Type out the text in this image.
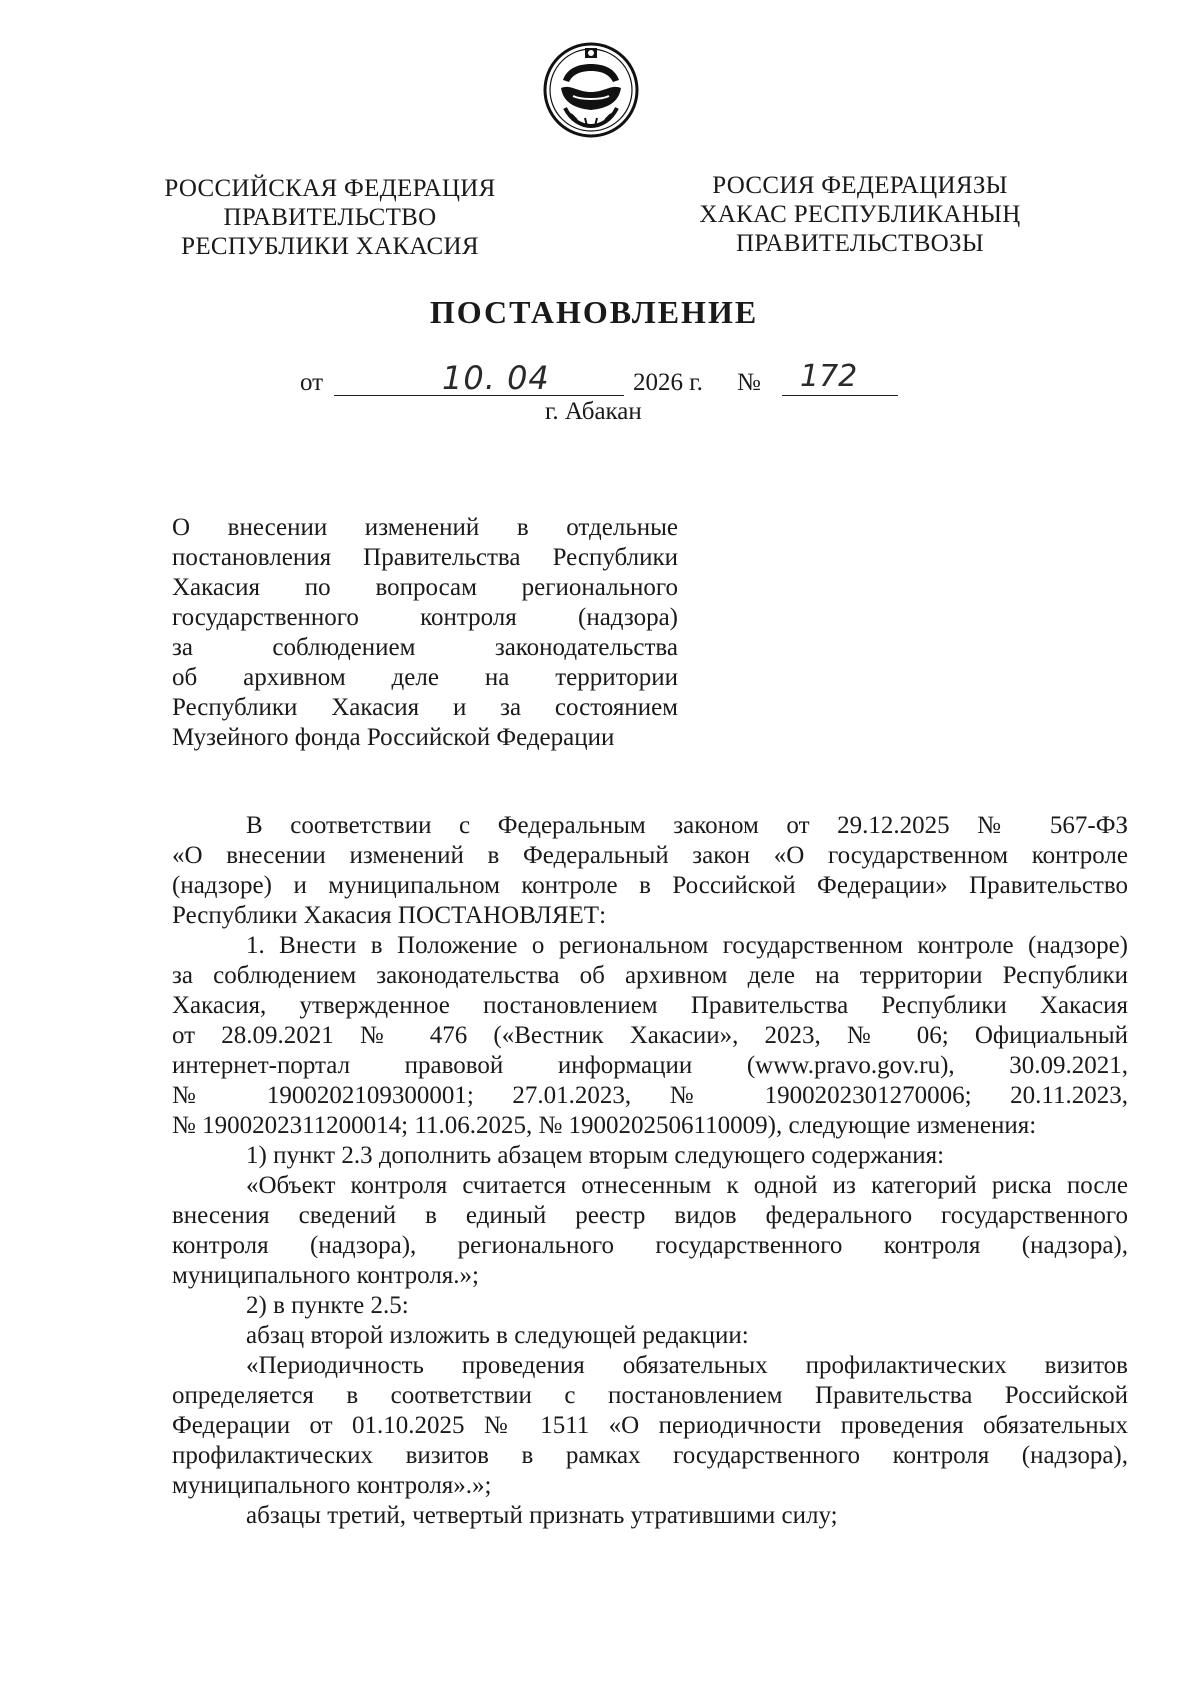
РОССИЙСКАЯ ФЕДЕРАЦИЯ
ПРАВИТЕЛЬСТВО
РЕСПУБЛИКИ ХАКАСИЯ
РОССИЯ ФЕДЕРАЦИЯЗЫ
ХАКАС РЕСПУБЛИКАНЫҢ
ПРАВИТЕЛЬСТВОЗЫ
ПОСТАНОВЛЕНИЕ
от	10. 04	2026 г. № 172
г. Абакан
О внесении изменений в отдельные
постановления Правительства Республики
Хакасия по вопросам регионального
государственного контроля (надзора)
за соблюдением законодательства
об архивном деле на территории
Республики Хакасия и за состоянием
Музейного фонда Российской Федерации
В соответствии с Федеральным законом от 29.12.2025 № 567-ФЗ
«О внесении изменений в Федеральный закон «О государственном контроле
(надзоре) и муниципальном контроле в Российской Федерации» Правительство
Республики Хакасия ПОСТАНОВЛЯЕТ:
1. Внести в Положение о региональном государственном контроле (надзоре)
за соблюдением законодательства об архивном деле на территории Республики
Хакасия, утвержденное постановлением Правительства Республики Хакасия
от 28.09.2021 № 476 («Вестник Хакасии», 2023, № 06; Официальный
интернет-портал правовой информации (www.pravo.gov.ru), 30.09.2021,
№ 1900202109300001; 27.01.2023, № 1900202301270006; 20.11.2023,
№ 1900202311200014; 11.06.2025, № 1900202506110009), следующие изменения:
1) пункт 2.3 дополнить абзацем вторым следующего содержания:
«Объект контроля считается отнесенным к одной из категорий риска после
внесения сведений в единый реестр видов федерального государственного
контроля (надзора), регионального государственного контроля (надзора),
муниципального контроля.»;
2) в пункте 2.5:
абзац второй изложить в следующей редакции:
«Периодичность проведения обязательных профилактических визитов
определяется в соответствии с постановлением Правительства Российской
Федерации от 01.10.2025 № 1511 «О периодичности проведения обязательных
профилактических визитов в рамках государственного контроля (надзора),
муниципального контроля».»;
абзацы третий, четвертый признать утратившими силу;
